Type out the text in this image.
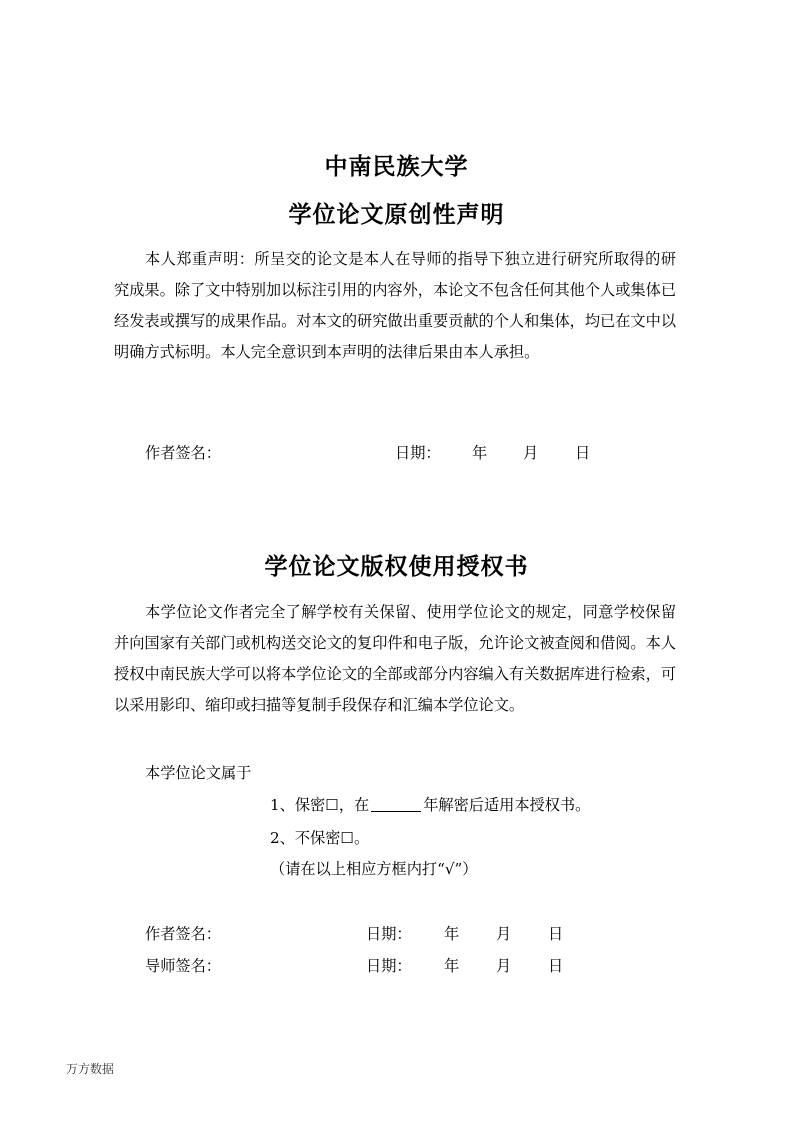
中南民族大学
学位论文原创性声明

本人郑重声明：所呈交的论文是本人在导师的指导下独立进行研究所取得的研究成果。除了文中特别加以标注引用的内容外，本论文不包含任何其他个人或集体已经发表或撰写的成果作品。对本文的研究做出重要贡献的个人和集体，均已在文中以明确方式标明。本人完全意识到本声明的法律后果由本人承担。

作者签名：	日期： 年 月 日
学位论文版权使用授权书

本学位论文作者完全了解学校有关保留、使用学位论文的规定，同意学校保留并向国家有关部门或机构送交论文的复印件和电子版，允许论文被查阅和借阅。本人授权中南民族大学可以将本学位论文的全部或部分内容编入有关数据库进行检索，可以采用影印、缩印或扫描等复制手段保存和汇编本学位论文。

本学位论文属于

1、保密☐，在	年解密后适用本授权书。

2、不保密☐。

（请在以上相应方框内打“√”）

作者签名：	日期： 年 月 日
导师签名：	日期： 年 月 日
万方数据
